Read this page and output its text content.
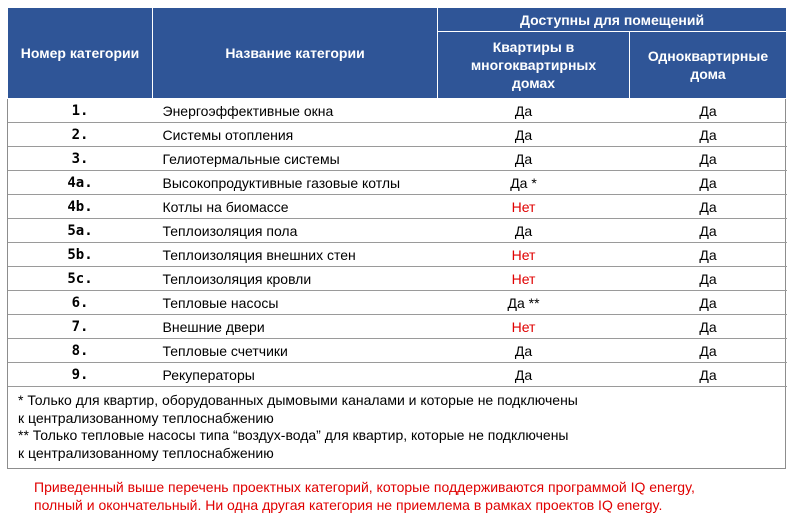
Номер категории	Название категории	Доступны для помещений	
		Квартиры в многоквартирных домах	Одноквартирные дома
1.	Энергоэффективные окна	Да	Да
2.	Системы отопления	Да	Да
3.	Гелиотермальные системы	Да	Да
4a.	Высокопродуктивные газовые котлы	Да *	Да
4b.	Котлы на биомассе	Нет	Да
5a.	Теплоизоляция пола	Да	Да
5b.	Теплоизоляция внешних стен	Нет	Да
5c.	Теплоизоляция кровли	Нет	Да
6.	Тепловые насосы	Да **	Да
7.	Внешние двери	Нет	Да
8.	Тепловые счетчики	Да	Да
9.	Рекуператоры	Да	Да
* Только для квартир, оборудованных дымовыми каналами и которые не подключены
к централизованному теплоснабжению
** Только тепловые насосы типа “воздух-вода” для квартир, которые не подключены
к централизованному теплоснабжению
Приведенный выше перечень проектных категорий, которые поддерживаются программой IQ energy,
полный и окончательный. Ни одна другая категория не приемлема в рамках проектов IQ energy.
